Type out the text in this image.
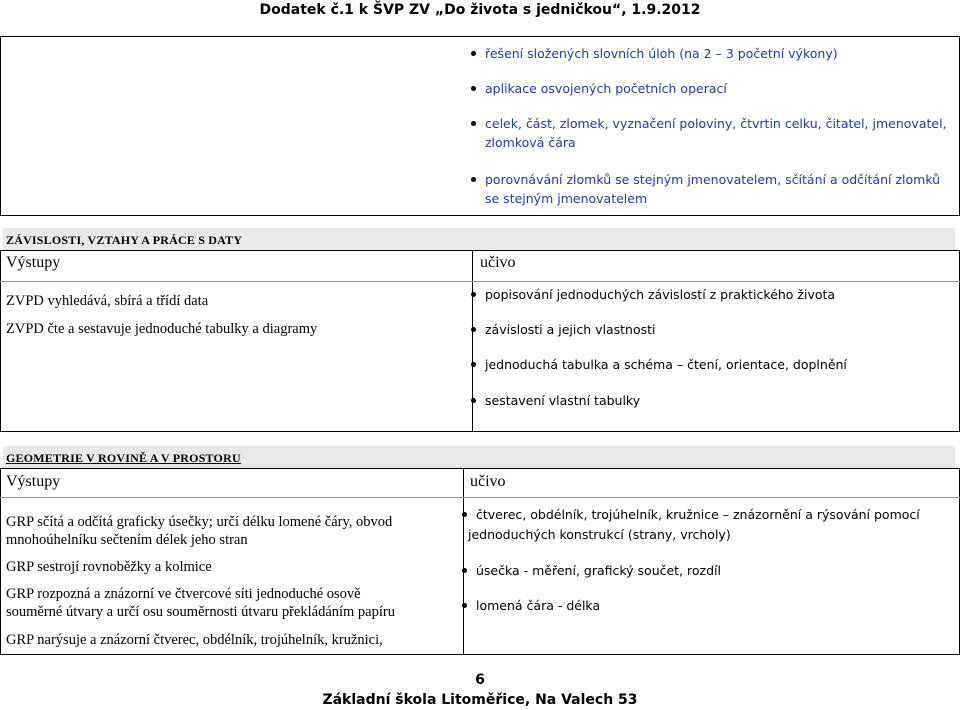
Dodatek č.1 k ŠVP ZV „Do života s jedničkou“, 1.9.2012
řešení složených slovních úloh (na 2 – 3 početní výkony)
aplikace osvojených početních operací
celek, část, zlomek, vyznačení poloviny, čtvrtin celku, čitatel, jmenovatel,
zlomková čára
porovnávání zlomků se stejným jmenovatelem, sčítání a odčítání zlomků
se stejným jmenovatelem
ZÁVISLOSTI, VZTAHY A PRÁCE S DATY
Výstupy	učivo
ZVPD vyhledává, sbírá a třídí data
ZVPD čte a sestavuje jednoduché tabulky a diagramy
popisování jednoduchých závislostí z praktického života
závislosti a jejich vlastnosti
jednoduchá tabulka a schéma – čtení, orientace, doplnění
sestavení vlastní tabulky
GEOMETRIE V ROVINĚ A V PROSTORU
Výstupy	učivo
GRP sčítá a odčítá graficky úsečky; určí délku lomené čáry, obvod
mnohoúhelníku sečtením délek jeho stran
GRP sestrojí rovnoběžky a kolmice
GRP rozpozná a znázorní ve čtvercové síti jednoduché osově
souměrné útvary a určí osu souměrnosti útvaru překládáním papíru
GRP narýsuje a znázorní čtverec, obdélník, trojúhelník, kružnici,
čtverec, obdélník, trojúhelník, kružnice – znázornění a rýsování pomocí
jednoduchých konstrukcí (strany, vrcholy)
úsečka - měření, grafický součet, rozdíl
lomená čára - délka
6
Základní škola Litoměřice, Na Valech 53
